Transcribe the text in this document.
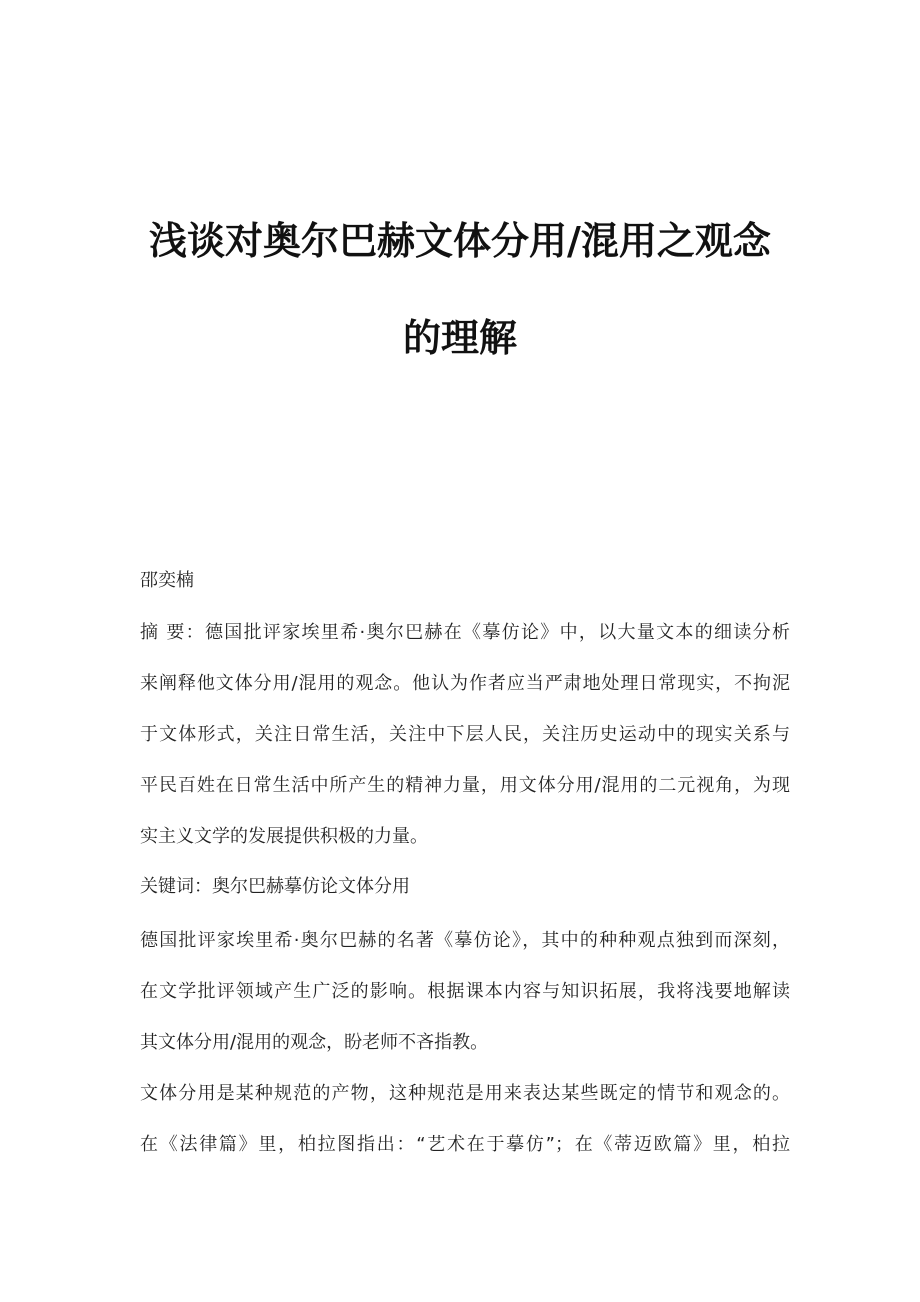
浅谈对奥尔巴赫文体分用/混用之观念
的理解
邵奕楠
摘 要：德国批评家埃里希·奥尔巴赫在《摹仿论》中，以大量文本的细读分析
来阐释他文体分用/混用的观念。他认为作者应当严肃地处理日常现实，不拘泥
于文体形式，关注日常生活，关注中下层人民，关注历史运动中的现实关系与
平民百姓在日常生活中所产生的精神力量，用文体分用/混用的二元视角，为现
实主义文学的发展提供积极的力量。
关键词：奥尔巴赫摹仿论文体分用
德国批评家埃里希·奥尔巴赫的名著《摹仿论》，其中的种种观点独到而深刻，
在文学批评领域产生广泛的影响。根据课本内容与知识拓展，我将浅要地解读
其文体分用/混用的观念，盼老师不吝指教。
文体分用是某种规范的产物，这种规范是用来表达某些既定的情节和观念的。
在《法律篇》里，柏拉图指出：“艺术在于摹仿”；在《蒂迈欧篇》里，柏拉
